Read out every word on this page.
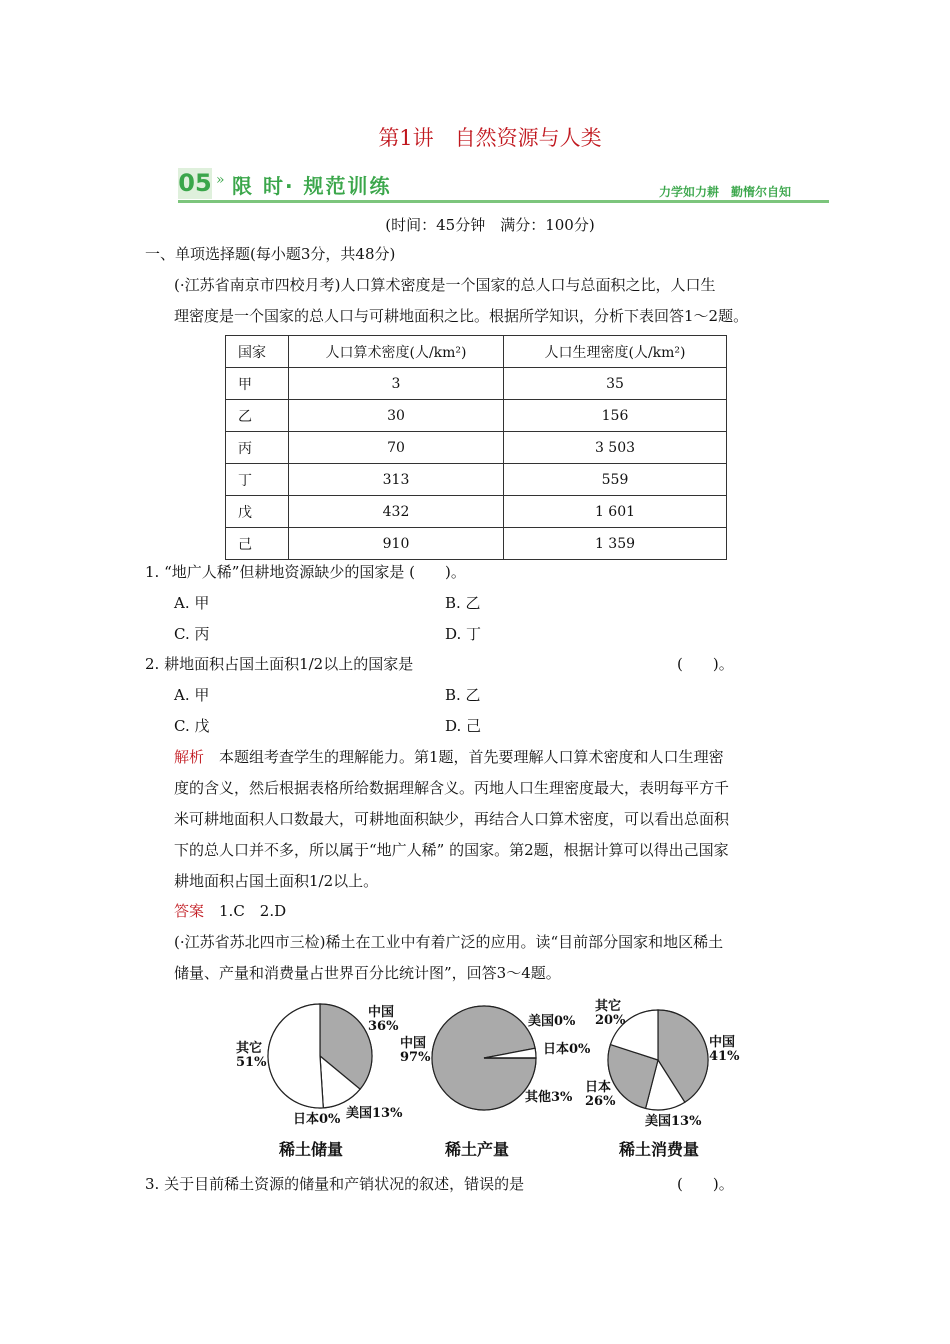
第1讲　自然资源与人类
05 » 限 时· 规范训练	力学如力耕　勤惰尔自知
(时间：45分钟　满分：100分)
一、单项选择题(每小题3分，共48分)
(·江苏省南京市四校月考)人口算术密度是一个国家的总人口与总面积之比，人口生
理密度是一个国家的总人口与可耕地面积之比。根据所学知识，分析下表回答1～2题。
国家	人口算术密度(人/km²)	人口生理密度(人/km²)
甲	3	35
乙	30	156
丙	70	3 503
丁	313	559
戊	432	1 601
己	910	1 359
1. “地广人稀”但耕地资源缺少的国家是 (　　)。
A. 甲	B. 乙
C. 丙	D. 丁
2. 耕地面积占国土面积1/2以上的国家是	(　　)。
A. 甲	B. 乙
C. 戊	D. 己
解析　本题组考查学生的理解能力。第1题，首先要理解人口算术密度和人口生理密
度的含义，然后根据表格所给数据理解含义。丙地人口生理密度最大，表明每平方千
米可耕地面积人口数最大，可耕地面积缺少，再结合人口算术密度，可以看出总面积
下的总人口并不多，所以属于“地广人稀” 的国家。第2题，根据计算可以得出己国家
耕地面积占国土面积1/2以上。
答案　1.C　2.D
(·江苏省苏北四市三检)稀土在工业中有着广泛的应用。读“目前部分国家和地区稀土
储量、产量和消费量占世界百分比统计图”，回答3～4题。
中国
36%
美国13%
日本0%
其它
51%
稀土储量
中国
97%
其他3%
美国0%
日本0%
稀土产量
中国
41%
美国13%
日本
26%
其它
20%
稀土消费量
3. 关于目前稀土资源的储量和产销状况的叙述，错误的是	(　　)。
